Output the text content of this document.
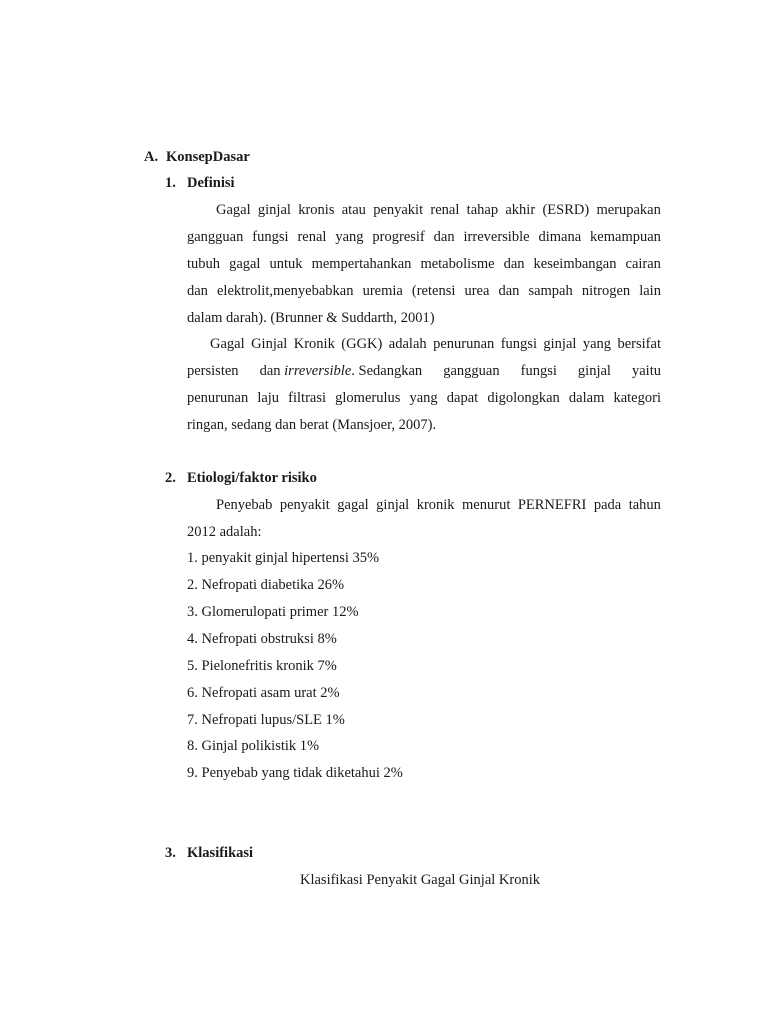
A. KonsepDasar
1. Definisi
Gagal ginjal kronis atau penyakit renal tahap akhir (ESRD) merupakan
gangguan fungsi renal yang progresif dan irreversible dimana kemampuan
tubuh gagal untuk mempertahankan metabolisme dan keseimbangan cairan
dan elektrolit,menyebabkan uremia (retensi urea dan sampah nitrogen lain
dalam darah). (Brunner & Suddarth, 2001)
Gagal Ginjal Kronik (GGK) adalah penurunan fungsi ginjal yang bersifat
persisten dan irreversible. Sedangkan gangguan fungsi ginjal yaitu
penurunan laju filtrasi glomerulus yang dapat digolongkan dalam kategori
ringan, sedang dan berat (Mansjoer, 2007).
2. Etiologi/faktor risiko
Penyebab penyakit gagal ginjal kronik menurut PERNEFRI pada tahun
2012 adalah:
1. penyakit ginjal hipertensi 35%
2. Nefropati diabetika 26%
3. Glomerulopati primer 12%
4. Nefropati obstruksi 8%
5. Pielonefritis kronik 7%
6. Nefropati asam urat 2%
7. Nefropati lupus/SLE 1%
8. Ginjal polikistik 1%
9. Penyebab yang tidak diketahui 2%
3. Klasifikasi
Klasifikasi Penyakit Gagal Ginjal Kronik
